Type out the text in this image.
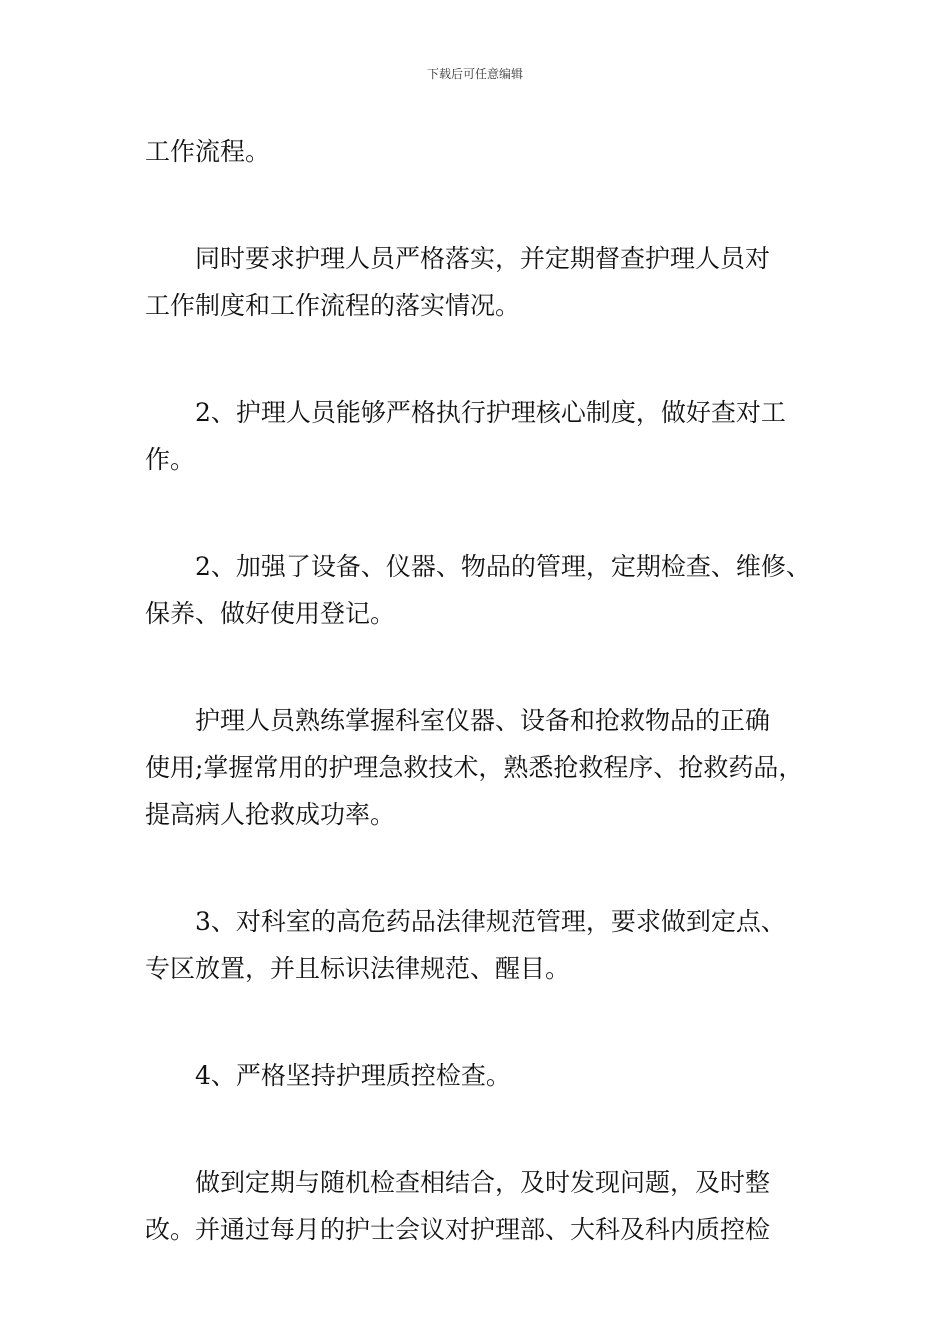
下载后可任意编辑
工作流程。
同时要求护理人员严格落实，并定期督查护理人员对
工作制度和工作流程的落实情况。
2、护理人员能够严格执行护理核心制度，做好查对工
作。
2、加强了设备、仪器、物品的管理，定期检查、维修、
保养、做好使用登记。
护理人员熟练掌握科室仪器、设备和抢救物品的正确
使用;掌握常用的护理急救技术，熟悉抢救程序、抢救药品，
提高病人抢救成功率。
3、对科室的高危药品法律规范管理，要求做到定点、
专区放置，并且标识法律规范、醒目。
4、严格坚持护理质控检查。
做到定期与随机检查相结合，及时发现问题，及时整
改。并通过每月的护士会议对护理部、大科及科内质控检
